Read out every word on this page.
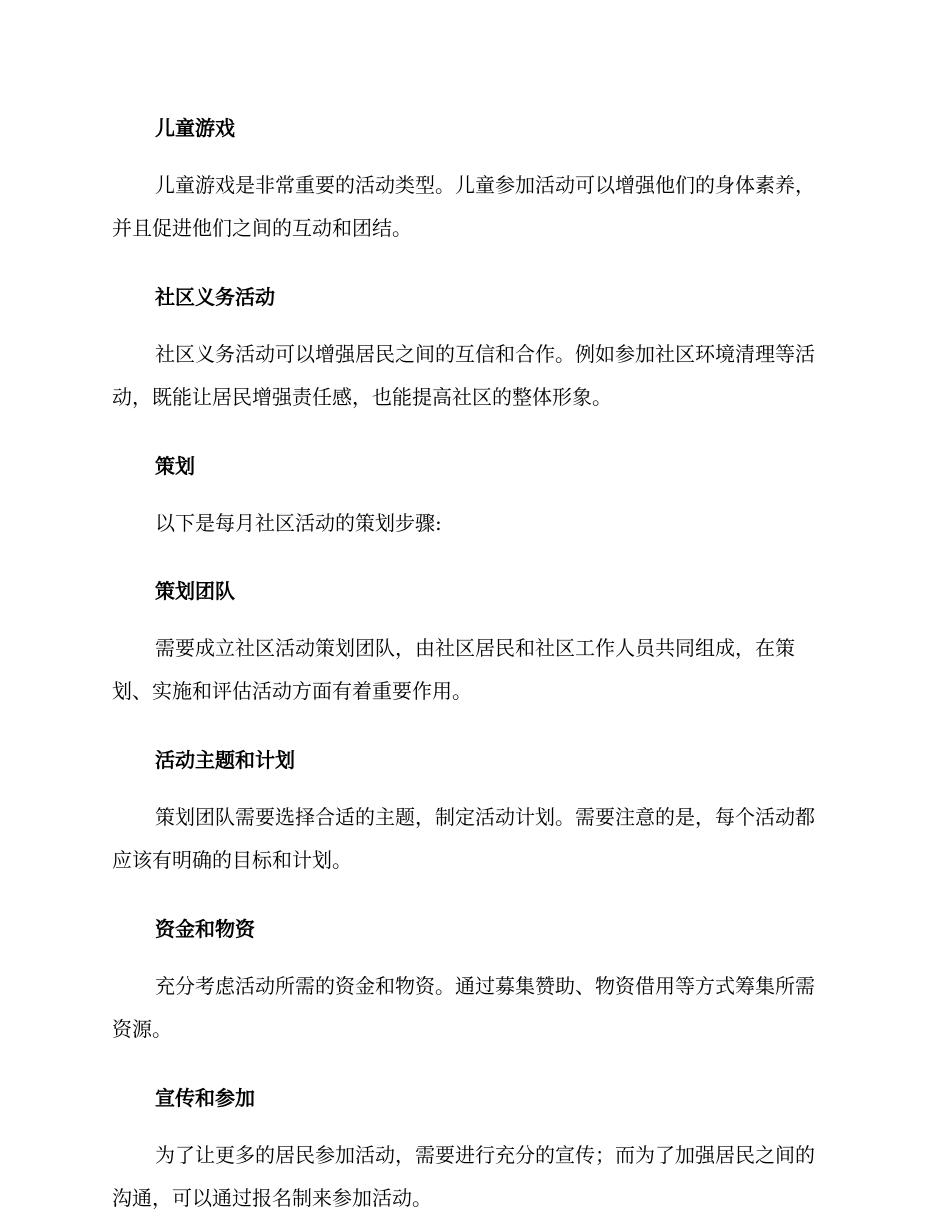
儿童游戏

儿童游戏是非常重要的活动类型。儿童参加活动可以增强他们的身体素养，并且促进他们之间的互动和团结。

社区义务活动

社区义务活动可以增强居民之间的互信和合作。例如参加社区环境清理等活动，既能让居民增强责任感，也能提高社区的整体形象。

策划

以下是每月社区活动的策划步骤:

策划团队

需要成立社区活动策划团队，由社区居民和社区工作人员共同组成，在策划、实施和评估活动方面有着重要作用。

活动主题和计划

策划团队需要选择合适的主题，制定活动计划。需要注意的是，每个活动都应该有明确的目标和计划。

资金和物资

充分考虑活动所需的资金和物资。通过募集赞助、物资借用等方式筹集所需资源。

宣传和参加

为了让更多的居民参加活动，需要进行充分的宣传；而为了加强居民之间的沟通，可以通过报名制来参加活动。
